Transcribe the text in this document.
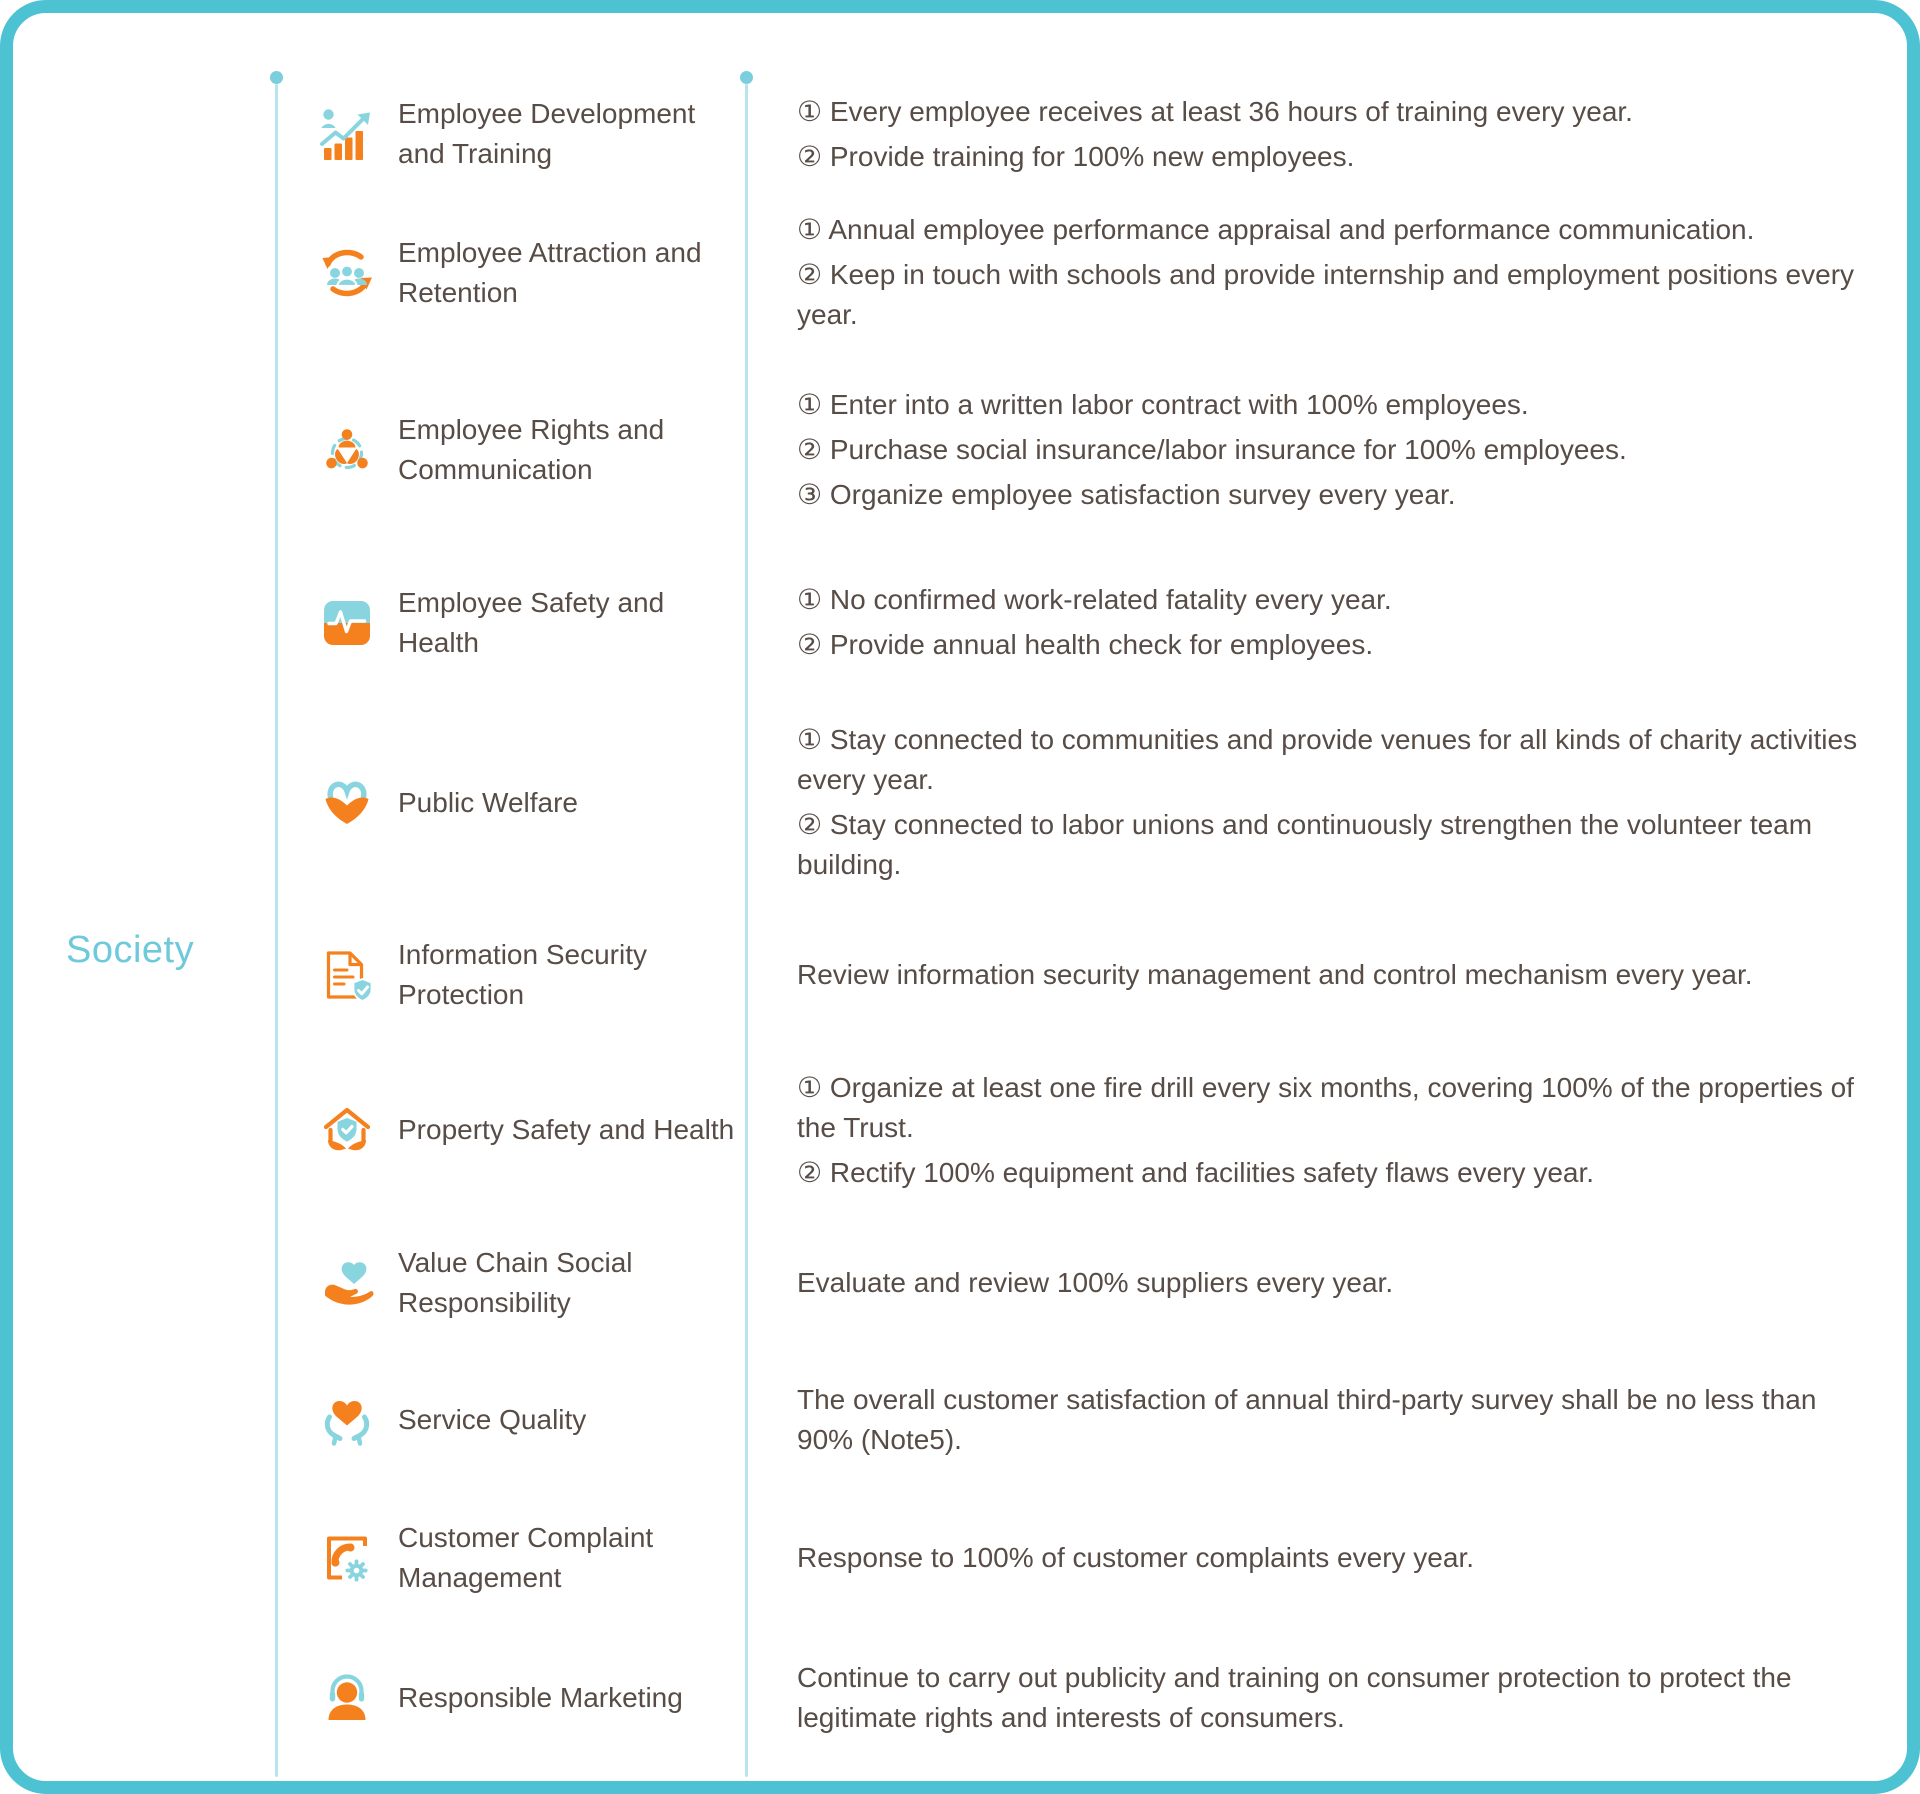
Society
Employee Development and Training

① Every employee receives at least 36 hours of training every year.

② Provide training for 100% new employees.

Employee Attraction and Retention

① Annual employee performance appraisal and performance communication.

② Keep in touch with schools and provide internship and employment positions every year.

Employee Rights and Communication

① Enter into a written labor contract with 100% employees.

② Purchase social insurance/labor insurance for 100% employees.

③ Organize employee satisfaction survey every year.

Employee Safety and Health

① No confirmed work-related fatality every year.

② Provide annual health check for employees.

Public Welfare

① Stay connected to communities and provide venues for all kinds of charity activities every year.

② Stay connected to labor unions and continuously strengthen the volunteer team building.

Information Security Protection

Review information security management and control mechanism every year.

Property Safety and Health

① Organize at least one fire drill every six months, covering 100% of the properties of the Trust.

② Rectify 100% equipment and facilities safety flaws every year.

Value Chain Social Responsibility

Evaluate and review 100% suppliers every year.

Service Quality

The overall customer satisfaction of annual third-party survey shall be no less than 90% (Note5).

Customer Complaint Management

Response to 100% of customer complaints every year.

Responsible Marketing

Continue to carry out publicity and training on consumer protection to protect the legitimate rights and interests of consumers.
